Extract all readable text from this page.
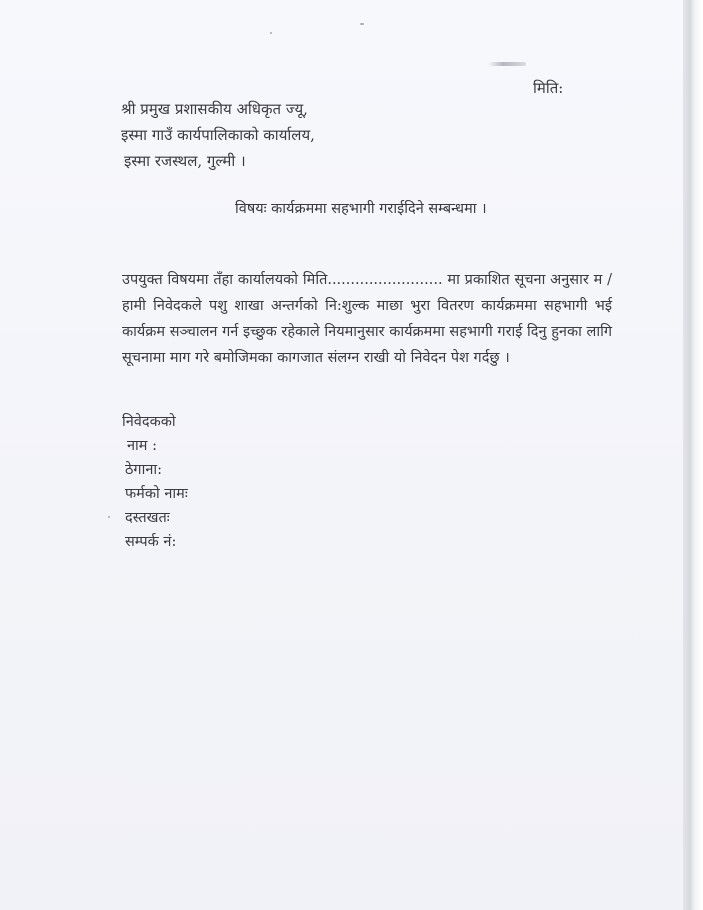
मिति:
श्री प्रमुख प्रशासकीय अधिकृत ज्यू,
इस्मा गाउँ कार्यपालिकाको कार्यालय,
इस्मा रजस्थल, गुल्मी ।
विषयः कार्यक्रममा सहभागी गराईदिने सम्बन्धमा ।
उपयुक्त विषयमा तँहा कार्यालयको मिति......................... मा प्रकाशित सूचना अनुसार म /हामी निवेदकले पशु शाखा अन्तर्गको नि:शुल्क माछा भुरा वितरण कार्यक्रममा सहभागी भई कार्यक्रम सञ्चालन गर्न इच्छुक रहेकाले नियमानुसार कार्यक्रममा सहभागी गराई दिनु हुनका लागि सूचनामा माग गरे बमोजिमका कागजात संलग्न राखी यो निवेदन पेश गर्दछु ।
निवेदकको
नाम :
ठेगाना:
फर्मको नामः
दस्तखतः
सम्पर्क नं:
